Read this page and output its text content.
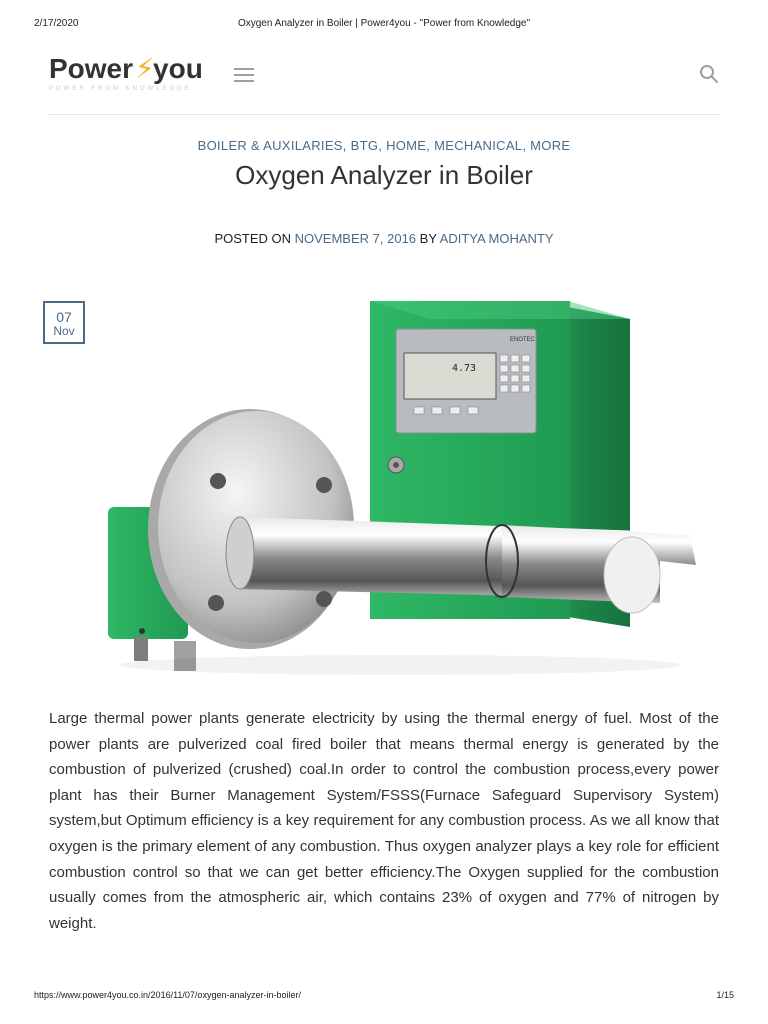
2/17/2020	Oxygen Analyzer in Boiler | Power4you - "Power from Knowledge"
Power⚡you
POWER FROM KNOWLEDGE
BOILER & AUXILARIES, BTG, HOME, MECHANICAL, MORE
Oxygen Analyzer in Boiler
POSTED ON NOVEMBER 7, 2016 BY ADITYA MOHANTY
07
Nov
4.73
ENOTEC

Large thermal power plants generate electricity by using the thermal energy of fuel. Most of the power plants are pulverized coal fired boiler that means thermal energy is generated by the combustion of pulverized (crushed) coal.In order to control the combustion process,every power plant has their Burner Management System/FSSS(Furnace Safeguard Supervisory System) system,but Optimum efficiency is a key requirement for any combustion process. As we all know that oxygen is the primary element of any combustion. Thus oxygen analyzer plays a key role for efficient combustion control so that we can get better efficiency.The Oxygen supplied for the combustion usually comes from the atmospheric air, which contains 23% of oxygen and 77% of nitrogen by weight.

https://www.power4you.co.in/2016/11/07/oxygen-analyzer-in-boiler/	1/15
